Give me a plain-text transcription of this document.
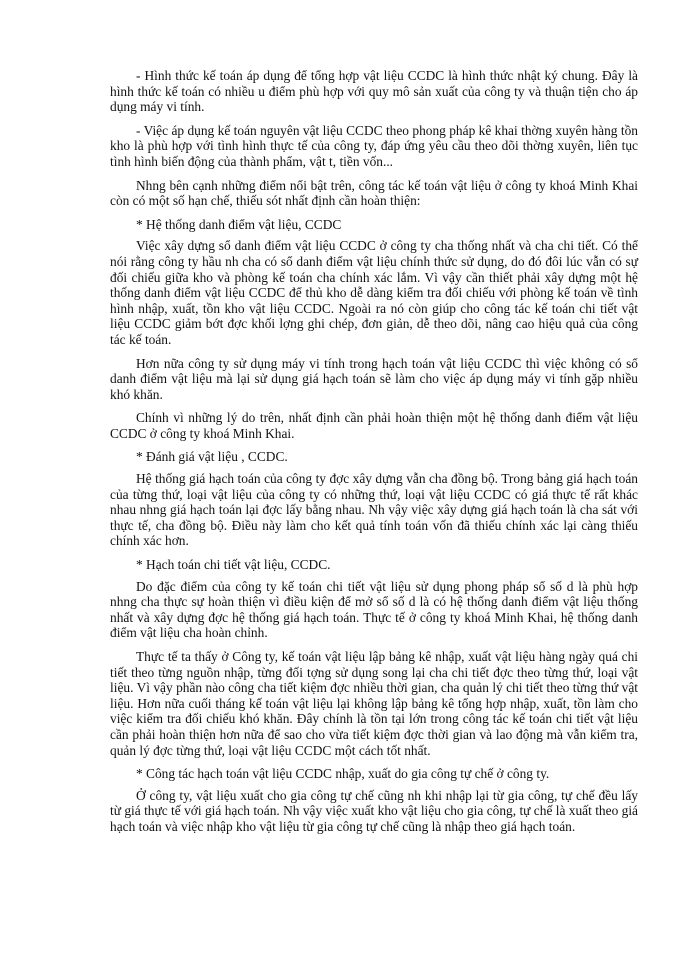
- Hình thức kế toán áp dụng để tổng hợp vật liệu CCDC là hình thức nhật ký chung. Đây là hình thức kế toán có nhiều u điểm phù hợp với quy mô sản xuất của công ty và thuận tiện cho áp dụng máy vi tính.

- Việc áp dụng kế toán nguyên vật liệu CCDC theo phong pháp kê khai thờng xuyên hàng tồn kho là phù hợp với tình hình thực tế của công ty, đáp ứng yêu cầu theo dõi thờng xuyên, liên tục tình hình biến động của thành phẩm, vật t, tiền vốn...

Nhng bên cạnh những điểm nổi bật trên, công tác kế toán vật liệu ở công ty khoá Minh Khai còn có một số hạn chế, thiếu sót nhất định cần hoàn thiện:

* Hệ thống danh điểm vật liệu, CCDC

Việc xây dựng sổ danh điểm vật liệu CCDC ở công ty cha thống nhất và cha chi tiết. Có thể nói rằng công ty hầu nh cha có sổ danh điểm vật liệu chính thức sử dụng, do đó đôi lúc vẫn có sự đối chiếu giữa kho và phòng kế toán cha chính xác lắm. Vì vậy cần thiết phải xây dựng một hệ thống danh điểm vật liệu CCDC để thủ kho dễ dàng kiểm tra đối chiếu với phòng kế toán về tình hình nhập, xuất, tồn kho vật liệu CCDC. Ngoài ra nó còn giúp cho công tác kế toán chi tiết vật liệu CCDC giảm bớt đợc khối lợng ghi chép, đơn giản, dễ theo dõi, nâng cao hiệu quả của công tác kế toán.

Hơn nữa công ty sử dụng máy vi tính trong hạch toán vật liệu CCDC thì việc không có sổ danh điểm vật liệu mà lại sử dụng giá hạch toán sẽ làm cho việc áp dụng máy vi tính gặp nhiều khó khăn.

Chính vì những lý do trên, nhất định cần phải hoàn thiện một hệ thống danh điểm vật liệu CCDC ở công ty khoá Minh Khai.

* Đánh giá vật liệu , CCDC.

Hệ thống giá hạch toán của công ty đợc xây dựng vẫn cha đồng bộ. Trong bảng giá hạch toán của từng thứ, loại vật liệu của công ty có những thứ, loại vật liệu CCDC có giá thực tế rất khác nhau nhng giá hạch toán lại đợc lấy bằng nhau. Nh vậy việc xây dựng giá hạch toán là cha sát với thực tế, cha đồng bộ. Điều này làm cho kết quả tính toán vốn đã thiếu chính xác lại càng thiếu chính xác hơn.

* Hạch toán chi tiết vật liệu, CCDC.

Do đặc điểm của công ty kế toán chi tiết vật liệu sử dụng phong pháp sổ số d là phù hợp nhng cha thực sự hoàn thiện vì điều kiện để mở sổ số d là có hệ thống danh điểm vật liệu thống nhất và xây dựng đợc hệ thống giá hạch toán. Thực tế ở công ty khoá Minh Khai, hệ thống danh điểm vật liệu cha hoàn chỉnh.

Thực tế ta thấy ở Công ty, kế toán vật liệu lập bảng kê nhập, xuất vật liệu hàng ngày quá chi tiết theo từng nguồn nhập, từng đối tợng sử dụng song lại cha chi tiết đợc theo từng thứ, loại vật liệu. Vì vậy phần nào công cha tiết kiệm đợc nhiều thời gian, cha quản lý chi tiết theo từng thứ vật liệu. Hơn nữa cuối tháng kế toán vật liệu lại không lập bảng kê tổng hợp nhập, xuất, tồn làm cho việc kiểm tra đối chiếu khó khăn. Đây chính là tồn tại lớn trong công tác kế toán chi tiết vật liệu cần phải hoàn thiện hơn nữa để sao cho vừa tiết kiệm đợc thời gian và lao động mà vẫn kiểm tra, quản lý đợc từng thứ, loại vật liệu CCDC một cách tốt nhất.

* Công tác hạch toán vật liệu CCDC nhập, xuất do gia công tự chế ở công ty.

Ở công ty, vật liệu xuất cho gia công tự chế cũng nh khi nhập lại từ gia công, tự chế đều lấy từ giá thực tế với giá hạch toán. Nh vậy việc xuất kho vật liệu cho gia công, tự chế là xuất theo giá hạch toán và việc nhập kho vật liệu từ gia công tự chế cũng là nhập theo giá hạch toán.
